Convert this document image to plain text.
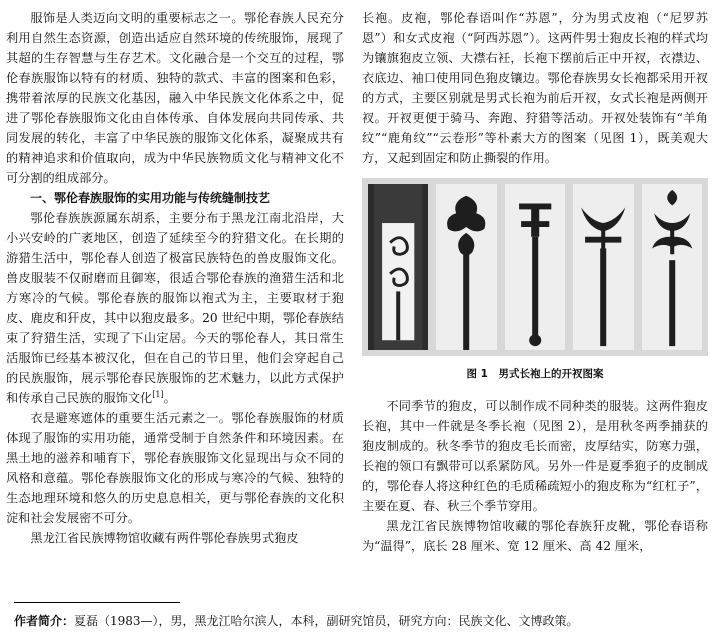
服饰是人类迈向文明的重要标志之一。鄂伦春族人民充分利用自然生态资源，创造出适应自然环境的传统服饰，展现了其超的生存智慧与生存艺术。文化融合是一个交互的过程，鄂伦春族服饰以特有的材质、独特的款式、丰富的图案和色彩，携带着浓厚的民族文化基因，融入中华民族文化体系之中，促进了鄂伦春族服饰文化由自体传承、自体发展向共同传承、共同发展的转化，丰富了中华民族的服饰文化体系，凝聚成共有的精神追求和价值取向，成为中华民族物质文化与精神文化不可分割的组成部分。

一、鄂伦春族服饰的实用功能与传统缝制技艺

鄂伦春族族源属东胡系，主要分布于黑龙江南北沿岸，大小兴安岭的广袤地区，创造了延续至今的狩猎文化。在长期的游猎生活中，鄂伦春人创造了极富民族特色的兽皮服饰文化。兽皮服装不仅耐磨而且御寒，很适合鄂伦春族的渔猎生活和北方寒冷的气候。鄂伦春族的服饰以袍式为主，主要取材于狍皮、鹿皮和犴皮，其中以狍皮最多。20 世纪中期，鄂伦春族结束了狩猎生活，实现了下山定居。今天的鄂伦春人，其日常生活服饰已经基本被汉化，但在自己的节日里，他们会穿起自己的民族服饰，展示鄂伦春民族服饰的艺术魅力，以此方式保护和传承自己民族的服饰文化[1]。

衣是避寒遮体的重要生活元素之一。鄂伦春族服饰的材质体现了服饰的实用功能，通常受制于自然条件和环境因素。在黑土地的滋养和哺育下，鄂伦春族服饰文化显现出与众不同的风格和意蕴。鄂伦春族服饰文化的形成与寒冷的气候、独特的生态地理环境和悠久的历史息息相关，更与鄂伦春族的文化积淀和社会发展密不可分。

黑龙江省民族博物馆收藏有两件鄂伦春族男式狍皮

长袍。皮袍，鄂伦春语叫作“苏恩”，分为男式皮袍（“尼罗苏恩”）和女式皮袍（“阿西苏恩”）。这两件男士狍皮长袍的样式均为镶旗狍皮立领、大襟右衽，长袍下摆前后正中开衩，衣襟边、衣底边、袖口使用同色狍皮镶边。鄂伦春族男女长袍都采用开衩的方式，主要区别就是男式长袍为前后开衩，女式长袍是两侧开衩。开衩更便于骑马、奔跑、狩猎等活动。开衩处装饰有“羊角纹”“鹿角纹”“云卷形”等朴素大方的图案（见图 1），既美观大方，又起到固定和防止撕裂的作用。

图 1　男式长袍上的开衩图案

不同季节的狍皮，可以制作成不同种类的服装。这两件狍皮长袍，其中一件就是冬季长袍（见图 2），是用秋冬两季捕获的狍皮制成的。秋冬季节的狍皮毛长而密，皮厚结实，防寒力强，长袍的领口有飘带可以系紧防风。另外一件是夏季狍子的皮制成的，鄂伦春人将这种红色的毛质稀疏短小的狍皮称为“红杠子”，主要在夏、春、秋三个季节穿用。

黑龙江省民族博物馆收藏的鄂伦春族犴皮靴，鄂伦春语称为“温得”，底长 28 厘米、宽 12 厘米、高 42 厘米，

作者简介：夏磊（1983—），男，黑龙江哈尔滨人，本科，副研究馆员，研究方向：民族文化、文博政策。
